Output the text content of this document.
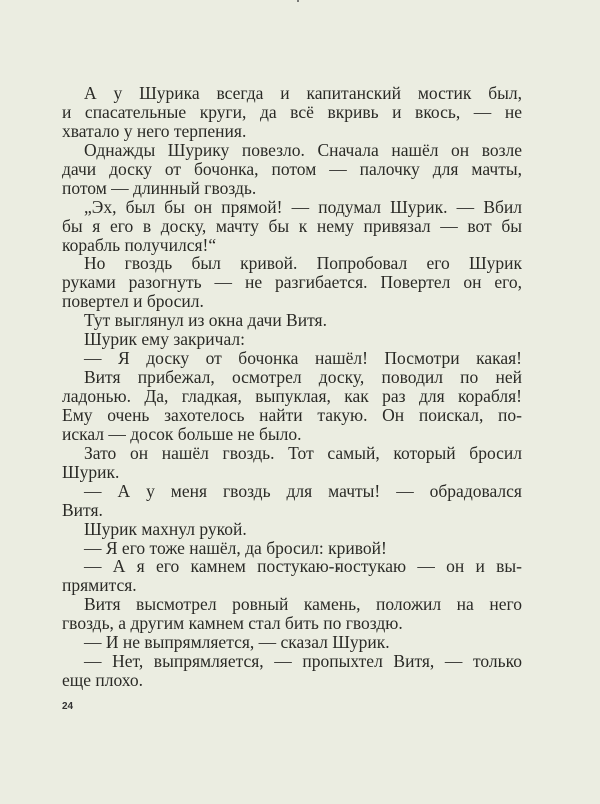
А у Шурика всегда и капитанский мостик был,
и спасательные круги, да всё вкривь и вкось, — не
хватало у него терпения.
Однажды Шурику повезло. Сначала нашёл он возле
дачи доску от бочонка, потом — палочку для мачты,
потом — длинный гвоздь.
„Эх, был бы он прямой! — подумал Шурик. — Вбил
бы я его в доску, мачту бы к нему привязал — вот бы
корабль получился!“
Но гвоздь был кривой. Попробовал его Шурик
руками разогнуть — не разгибается. Повертел он его,
повертел и бросил.
Тут выглянул из окна дачи Витя.
Шурик ему закричал:
— Я доску от бочонка нашёл! Посмотри какая!
Витя прибежал, осмотрел доску, поводил по ней
ладонью. Да, гладкая, выпуклая, как раз для корабля!
Ему очень захотелось найти такую. Он поискал, по-
искал — досок больше не было.
Зато он нашёл гвоздь. Тот самый, который бросил
Шурик.
— А у меня гвоздь для мачты! — обрадовался
Витя.
Шурик махнул рукой.
— Я его тоже нашёл, да бросил: кривой!
— А я его камнем постукаю-постукаю — он и вы-
прямится.
Витя высмотрел ровный камень, положил на него
гвоздь, а другим камнем стал бить по гвоздю.
— И не выпрямляется, — сказал Шурик.
— Нет, выпрямляется, — пропыхтел Витя, — только
еще плохо.
24
